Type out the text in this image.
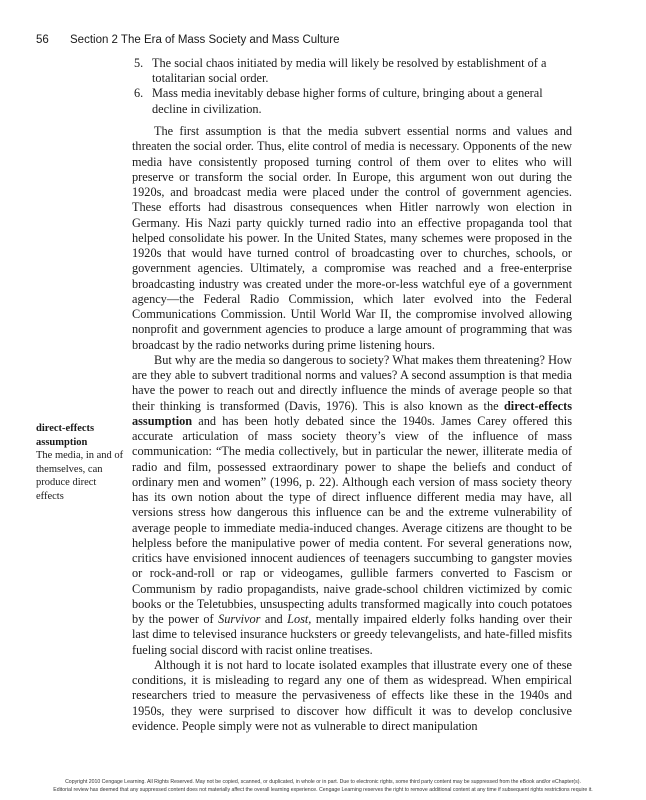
56 Section 2 The Era of Mass Society and Mass Culture
5. The social chaos initiated by media will likely be resolved by establishment of a totalitarian social order.
6. Mass media inevitably debase higher forms of culture, bringing about a general decline in civilization.

The first assumption is that the media subvert essential norms and values and threaten the social order. Thus, elite control of media is necessary. Opponents of the new media have consistently proposed turning control of them over to elites who will preserve or transform the social order. In Europe, this argument won out during the 1920s, and broadcast media were placed under the control of government agencies. These efforts had disastrous consequences when Hitler narrowly won election in Germany. His Nazi party quickly turned radio into an effective propaganda tool that helped consolidate his power. In the United States, many schemes were proposed in the 1920s that would have turned control of broadcasting over to churches, schools, or government agencies. Ultimately, a compromise was reached and a free-enterprise broadcasting industry was created under the more-or-less watchful eye of a government agency—the Federal Radio Commission, which later evolved into the Federal Communications Commission. Until World War II, the compromise involved allowing nonprofit and government agencies to produce a large amount of programming that was broadcast by the radio networks during prime listening hours.

But why are the media so dangerous to society? What makes them threatening? How are they able to subvert traditional norms and values? A second assumption is that media have the power to reach out and directly influence the minds of average people so that their thinking is transformed (Davis, 1976). This is also known as the direct-effects assumption and has been hotly debated since the 1940s. James Carey offered this accurate articulation of mass society theory’s view of the influence of mass communication: “The media collectively, but in particular the newer, illiterate media of radio and film, possessed extraordinary power to shape the beliefs and conduct of ordinary men and women” (1996, p. 22). Although each version of mass society theory has its own notion about the type of direct influence different media may have, all versions stress how dangerous this influence can be and the extreme vulnerability of average people to immediate media-induced changes. Average citizens are thought to be helpless before the manipulative power of media content. For several generations now, critics have envisioned innocent audiences of teenagers succumbing to gangster movies or rock-and-roll or rap or videogames, gullible farmers converted to Fascism or Communism by radio propagandists, naive grade-school children victimized by comic books or the Teletubbies, unsuspecting adults transformed magically into couch potatoes by the power of Survivor and Lost, mentally impaired elderly folks handing over their last dime to televised insurance hucksters or greedy televangelists, and hate-filled misfits fueling social discord with racist online treatises.

Although it is not hard to locate isolated examples that illustrate every one of these conditions, it is misleading to regard any one of them as widespread. When empirical researchers tried to measure the pervasiveness of effects like these in the 1940s and 1950s, they were surprised to discover how difficult it was to develop conclusive evidence. People simply were not as vulnerable to direct manipulation

direct-effects assumption
The media, in and of themselves, can produce direct effects
Copyright 2010 Cengage Learning. All Rights Reserved. May not be copied, scanned, or duplicated, in whole or in part. Due to electronic rights, some third party content may be suppressed from the eBook and/or eChapter(s).
Editorial review has deemed that any suppressed content does not materially affect the overall learning experience. Cengage Learning reserves the right to remove additional content at any time if subsequent rights restrictions require it.
